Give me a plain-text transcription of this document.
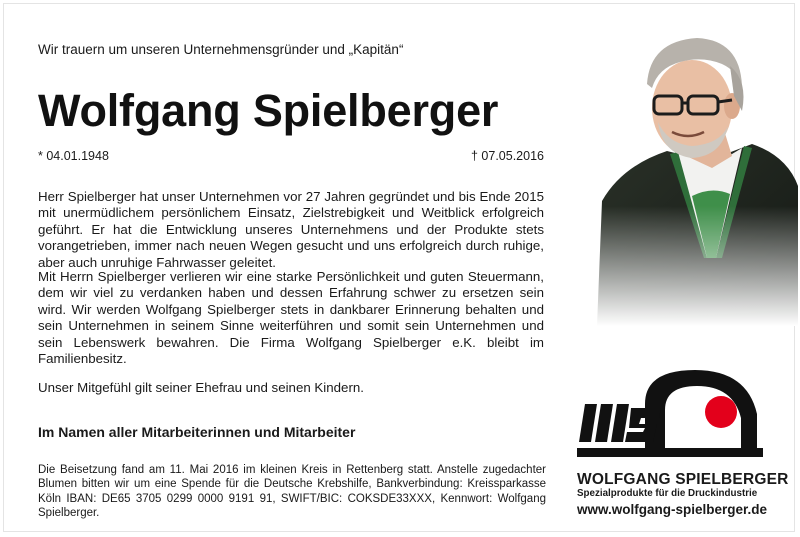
Wir trauern um unseren Unternehmensgründer und „Kapitän“
Wolfgang Spielberger
* 04.01.1948	† 07.05.2016
Herr Spielberger hat unser Unternehmen vor 27 Jahren gegründet und bis Ende 2015 mit unermüdlichem persönlichem Einsatz, Zielstrebigkeit und Weitblick erfolgreich geführt. Er hat die Entwicklung unseres Unternehmens und der Produkte stets vorangetrieben, immer nach neuen Wegen gesucht und uns erfolgreich durch ruhige, aber auch unruhige Fahrwasser geleitet.
Mit Herrn Spielberger verlieren wir eine starke Persönlichkeit und guten Steuermann, dem wir viel zu verdanken haben und dessen Erfahrung schwer zu ersetzen sein wird. Wir werden Wolfgang Spielberger stets in dankbarer Erinnerung behalten und sein Unternehmen in seinem Sinne weiterführen und somit sein Unternehmen und sein Lebenswerk bewahren. Die Firma Wolfgang Spielberger e.K. bleibt im Familienbesitz.
Unser Mitgefühl gilt seiner Ehefrau und seinen Kindern.
Im Namen aller Mitarbeiterinnen und Mitarbeiter
Die Beisetzung fand am 11. Mai 2016 im kleinen Kreis in Rettenberg statt. Anstelle zugedachter Blumen bitten wir um eine Spende für die Deutsche Krebshilfe, Bankverbindung: Kreissparkasse Köln IBAN: DE65 3705 0299 0000 9191 91, SWIFT/BIC: COKSDE33XXX, Kennwort: Wolfgang Spielberger.
WOLFGANG SPIELBERGER
Spezialprodukte für die Druckindustrie
www.wolfgang-spielberger.de
